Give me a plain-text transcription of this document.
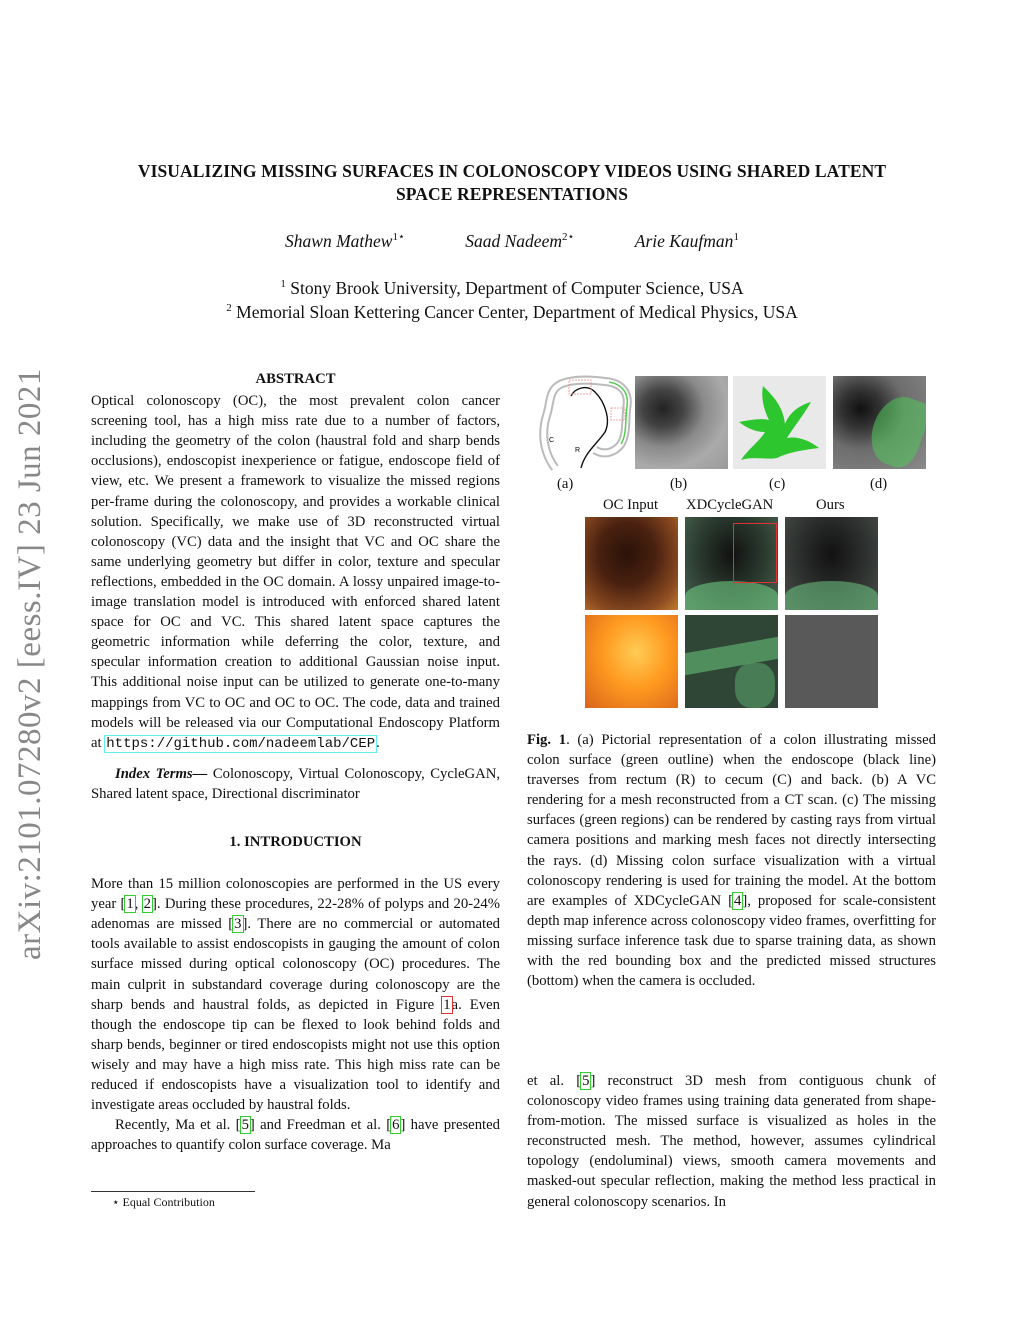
arXiv:2101.07280v2 [eess.IV] 23 Jun 2021
VISUALIZING MISSING SURFACES IN COLONOSCOPY VIDEOS USING SHARED LATENT
SPACE REPRESENTATIONS
Shawn Mathew$^{1⋆}$	Saad Nadeem$^{2⋆}$	Arie Kaufman$^1$
$^1$ Stony Brook University, Department of Computer Science, USA
$^2$ Memorial Sloan Kettering Cancer Center, Department of Medical Physics, USA
ABSTRACT

Optical colonoscopy (OC), the most prevalent colon cancer screening tool, has a high miss rate due to a number of factors, including the geometry of the colon (haustral fold and sharp bends occlusions), endoscopist inexperience or fatigue, endoscope field of view, etc. We present a framework to visualize the missed regions per-frame during the colonoscopy, and provides a workable clinical solution. Specifically, we make use of 3D reconstructed virtual colonoscopy (VC) data and the insight that VC and OC share the same underlying geometry but differ in color, texture and specular reflections, embedded in the OC domain. A lossy unpaired image-to-image translation model is introduced with enforced shared latent space for OC and VC. This shared latent space captures the geometric information while deferring the color, texture, and specular information creation to additional Gaussian noise input. This additional noise input can be utilized to generate one-to-many mappings from VC to OC and OC to OC. The code, data and trained models will be released via our Computational Endoscopy Platform at https://github.com/nadeemlab/CEP.

Index Terms— Colonoscopy, Virtual Colonoscopy, CycleGAN, Shared latent space, Directional discriminator

1. INTRODUCTION

More than 15 million colonoscopies are performed in the US every year [1, 2]. During these procedures, 22-28% of polyps and 20-24% adenomas are missed [3]. There are no commercial or automated tools available to assist endoscopists in gauging the amount of colon surface missed during optical colonoscopy (OC) procedures. The main culprit in substandard coverage during colonoscopy are the sharp bends and haustral folds, as depicted in Figure 1a. Even though the endoscope tip can be flexed to look behind folds and sharp bends, beginner or tired endoscopists might not use this option wisely and may have a high miss rate. This high miss rate can be reduced if endoscopists have a visualization tool to identify and investigate areas occluded by haustral folds.

Recently, Ma et al. [5] and Freedman et al. [6] have presented approaches to quantify colon surface coverage. Ma

⋆ Equal Contribution
C
R
(a)	(b)	(c)	(d)
OC Input XDCycleGAN	Ours
Fig. 1. (a) Pictorial representation of a colon illustrating missed colon surface (green outline) when the endoscope (black line) traverses from rectum (R) to cecum (C) and back. (b) A VC rendering for a mesh reconstructed from a CT scan. (c) The missing surfaces (green regions) can be rendered by casting rays from virtual camera positions and marking mesh faces not directly intersecting the rays. (d) Missing colon surface visualization with a virtual colonoscopy rendering is used for training the model. At the bottom are examples of XDCycleGAN [4], proposed for scale-consistent depth map inference across colonoscopy video frames, overfitting for missing surface inference task due to sparse training data, as shown with the red bounding box and the predicted missed structures (bottom) when the camera is occluded.

et al. [5] reconstruct 3D mesh from contiguous chunk of colonoscopy video frames using training data generated from shape-from-motion. The missed surface is visualized as holes in the reconstructed mesh. The method, however, assumes cylindrical topology (endoluminal) views, smooth camera movements and masked-out specular reflection, making the method less practical in general colonoscopy scenarios. In
